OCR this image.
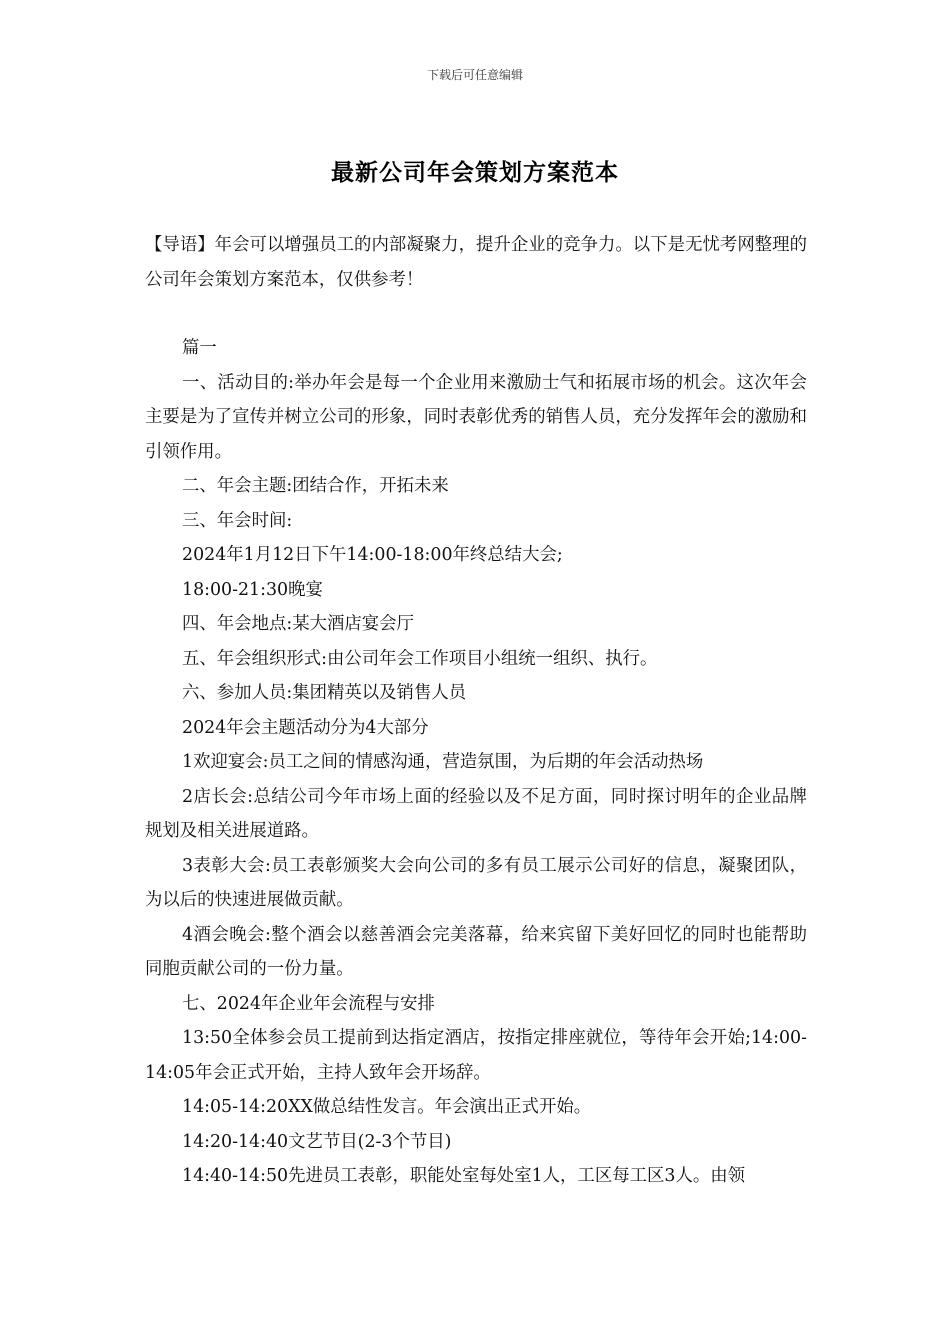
下载后可任意编辑
最新公司年会策划方案范本

【导语】年会可以增强员工的内部凝聚力，提升企业的竞争力。以下是无忧考网整理的公司年会策划方案范本，仅供参考！

篇一

一、活动目的:举办年会是每一个企业用来激励士气和拓展市场的机会。这次年会主要是为了宣传并树立公司的形象，同时表彰优秀的销售人员，充分发挥年会的激励和引领作用。

二、年会主题:团结合作，开拓未来

三、年会时间:

2024年1月12日下午14:00-18:00年终总结大会;

18:00-21:30晚宴

四、年会地点:某大酒店宴会厅

五、年会组织形式:由公司年会工作项目小组统一组织、执行。

六、参加人员:集团精英以及销售人员

2024年会主题活动分为4大部分

1欢迎宴会:员工之间的情感沟通，营造氛围，为后期的年会活动热场

2店长会:总结公司今年市场上面的经验以及不足方面，同时探讨明年的企业品牌规划及相关进展道路。

3表彰大会:员工表彰颁奖大会向公司的多有员工展示公司好的信息，凝聚团队，为以后的快速进展做贡献。

4酒会晚会:整个酒会以慈善酒会完美落幕，给来宾留下美好回忆的同时也能帮助同胞贡献公司的一份力量。

七、2024年企业年会流程与安排

13:50全体参会员工提前到达指定酒店，按指定排座就位，等待年会开始;14:00-14:05年会正式开始，主持人致年会开场辞。

14:05-14:20XX做总结性发言。年会演出正式开始。

14:20-14:40文艺节目(2-3个节目)

14:40-14:50先进员工表彰，职能处室每处室1人，工区每工区3人。由领
